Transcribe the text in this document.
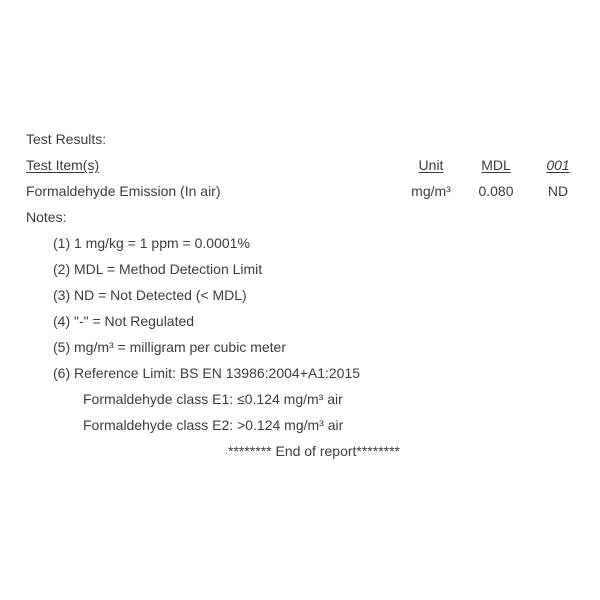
Test Results:
Test Item(s)	Unit	MDL	001
Formaldehyde Emission (In air)	mg/m³	0.080	ND
Notes:
(1) 1 mg/kg = 1 ppm = 0.0001%
(2) MDL = Method Detection Limit
(3) ND = Not Detected (< MDL)
(4) "-" = Not Regulated
(5) mg/m³ = milligram per cubic meter
(6) Reference Limit: BS EN 13986:2004+A1:2015
Formaldehyde class E1: ≤0.124 mg/m³ air
Formaldehyde class E2: >0.124 mg/m³ air
******** End of report********
